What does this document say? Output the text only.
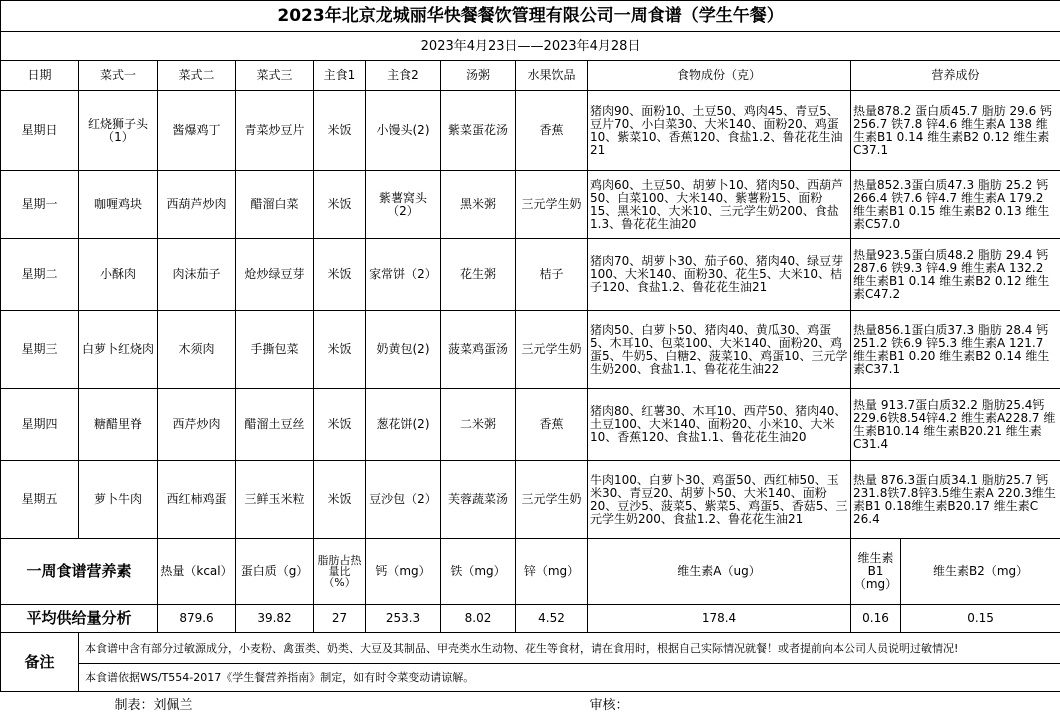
2023年北京龙城丽华快餐餐饮管理有限公司一周食谱（学生午餐）											
2023年4月23日——2023年4月28日											
日期	菜式一	菜式二	菜式三	主食1	主食2	汤粥	水果饮品	食物成份（克）	营养成份		
星期日	红烧狮子头（1）	酱爆鸡丁	青菜炒豆片	米饭	小馒头(2)	紫菜蛋花汤	香蕉	猪肉90、面粉10、土豆50、鸡肉45、青豆5、豆片70、小白菜30、大米140、面粉20、鸡蛋10、紫菜10、香蕉120、食盐1.2、鲁花花生油21	热量878.2 蛋白质45.7 脂肪 29.6 钙256.7 铁7.8 锌4.6 维生素A 138 维生素B1 0.14 维生素B2 0.12 维生素C37.1		
星期一	咖喱鸡块	西葫芦炒肉	醋溜白菜	米饭	紫薯窝头（2）	黑米粥	三元学生奶	鸡肉60、土豆50、胡萝卜10、猪肉50、西葫芦50、白菜100、大米140、紫薯粉15、面粉15、黑米10、大米10、三元学生奶200、食盐1.3、鲁花花生油20	热量852.3蛋白质47.3 脂肪 25.2 钙266.4 铁7.6 锌4.7 维生素A 179.2 维生素B1 0.15 维生素B2 0.13 维生素C57.0		
星期二	小酥肉	肉沫茄子	炝炒绿豆芽	米饭	家常饼（2）	花生粥	桔子	猪肉70、胡萝卜30、茄子60、猪肉40、绿豆芽100、大米140、面粉30、花生5、大米10、桔子120、食盐1.2、鲁花花生油21	热量923.5蛋白质48.2 脂肪 29.4 钙287.6 铁9.3 锌4.9 维生素A 132.2 维生素B1 0.14 维生素B2 0.12 维生素C47.2		
星期三	白萝卜红烧肉	木须肉	手撕包菜	米饭	奶黄包(2)	菠菜鸡蛋汤	三元学生奶	猪肉50、白萝卜50、猪肉40、黄瓜30、鸡蛋5、木耳10、包菜100、大米140、面粉20、鸡蛋5、牛奶5、白糖2、菠菜10、鸡蛋10、三元学生奶200、食盐1.1、鲁花花生油22	热量856.1蛋白质37.3 脂肪 28.4 钙251.2 铁6.9 锌5.3 维生素A 121.7 维生素B1 0.20 维生素B2 0.14 维生素C37.1		
星期四	糖醋里脊	西芹炒肉	醋溜土豆丝	米饭	葱花饼(2)	二米粥	香蕉	猪肉80、红薯30、木耳10、西芹50、猪肉40、土豆100、大米140、面粉20、小米10、大米10、香蕉120、食盐1.1、鲁花花生油20	热量 913.7蛋白质32.2 脂肪25.4钙229.6铁8.54锌4.2 维生素A228.7 维生素B10.14 维生素B20.21 维生素C31.4		
星期五	萝卜牛肉	西红柿鸡蛋	三鲜玉米粒	米饭	豆沙包（2）	芙蓉蔬菜汤	三元学生奶	牛肉100、白萝卜30、鸡蛋50、西红柿50、玉米30、青豆20、胡萝卜50、大米140、面粉20、豆沙5、菠菜5、紫菜5、鸡蛋5、香菇5、三元学生奶200、食盐1.2、鲁花花生油21	热量 876.3蛋白质34.1 脂肪25.7 钙231.8铁7.8锌3.5维生素A 220.3维生素B1 0.18维生素B20.17 维生素C 26.4		
一周食谱营养素		热量（kcal）	蛋白质（g）	脂肪占热量比（%）	钙（mg）	铁（mg）	锌（mg）	维生素A（ug）	维生素B1（mg）	维生素B2（mg）	
平均供给量分析		879.6	39.82	27	253.3	8.02	4.52	178.4	0.16	0.15	
备注	本食谱中含有部分过敏源成分，小麦粉、禽蛋类、奶类、大豆及其制品、甲壳类水生动物、花生等食材，请在食用时，根据自己实际情况就餐！或者提前向本公司人员说明过敏情况!										
	本食谱依据WS/T554-2017《学生餐营养指南》制定，如有时令菜变动请谅解。										
	制表：刘佩兰							审核：			
